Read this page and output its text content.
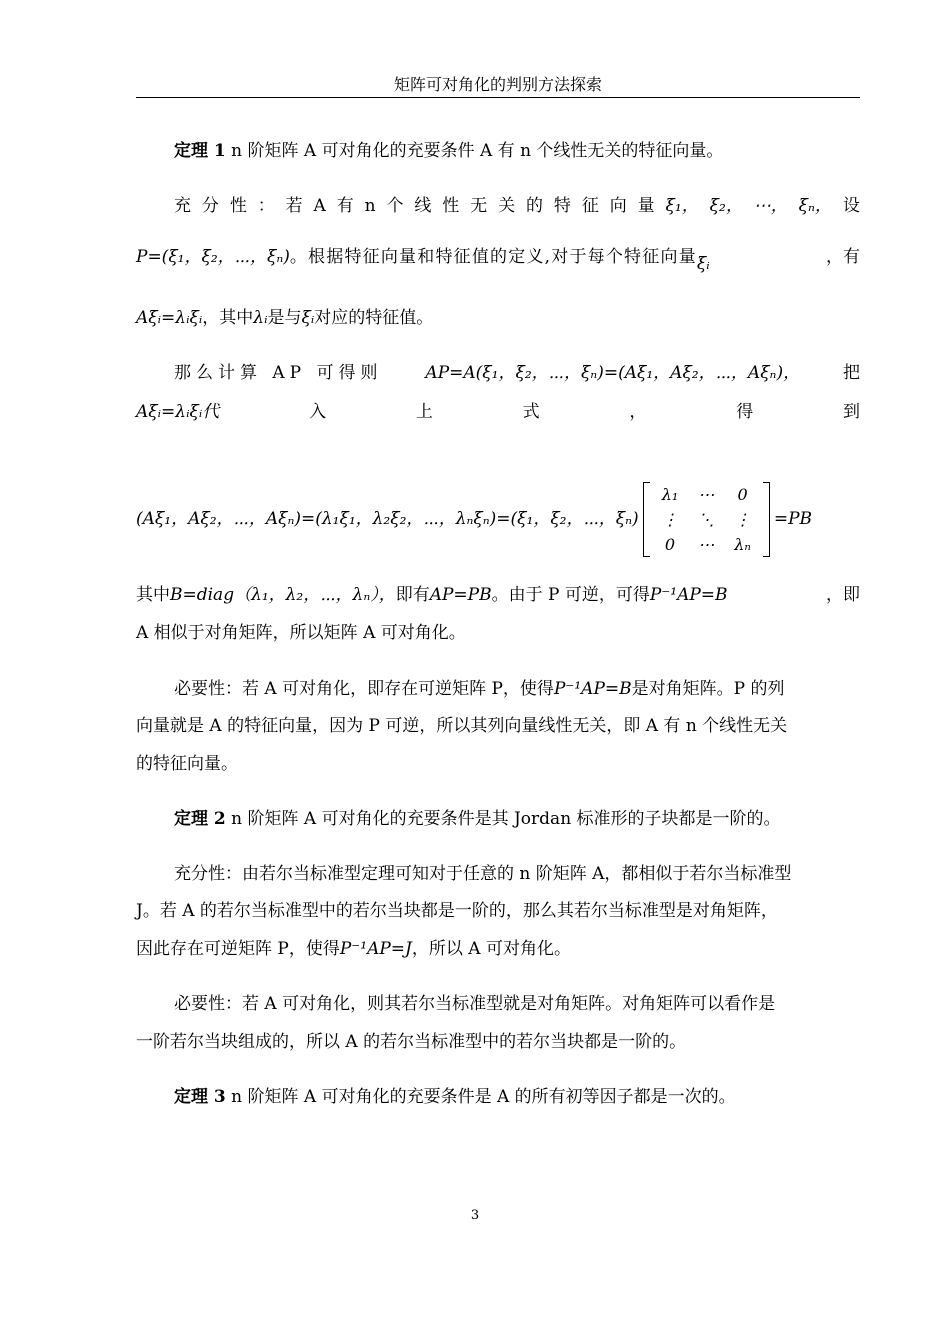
矩阵可对角化的判别方法探索
定理 1 n 阶矩阵 A 可对角化的充要条件 A 有 n 个线性无关的特征向量。
充 分 性 ： 若 A 有 n 个 线 性 无 关 的 特 征 向 量 ξ₁， ξ₂， ⋯， ξₙ， 设
P=(ξ₁，ξ₂，⋯，ξₙ)。根据特征向量和特征值的定义,对于每个特征向量ξᵢ	，有
Aξᵢ=λᵢξᵢ，其中λᵢ是与ξᵢ对应的特征值。
那么计算 AP 可得则	AP=A(ξ₁，ξ₂，⋯，ξₙ)=(Aξ₁，Aξ₂，⋯，Aξₙ)，	把
Aξᵢ=λᵢξᵢ代	入	上	式	，	得	到
(Aξ₁，Aξ₂，⋯，Aξₙ)=(λ₁ξ₁，λ₂ξ₂，⋯，λₙξₙ)=(ξ₁，ξ₂，⋯，ξₙ)
λ₁	⋯	0
⋮	⋱	⋮
0	⋯	λₙ
=PB
其中B=diag（λ₁，λ₂，⋯，λₙ），即有AP=PB。由于 P 可逆，可得P⁻¹AP=B	，即
A 相似于对角矩阵，所以矩阵 A 可对角化。
必要性：若 A 可对角化，即存在可逆矩阵 P，使得P⁻¹AP=B是对角矩阵。P 的列
向量就是 A 的特征向量，因为 P 可逆，所以其列向量线性无关，即 A 有 n 个线性无关
的特征向量。
定理 2 n 阶矩阵 A 可对角化的充要条件是其 Jordan 标准形的子块都是一阶的。
充分性：由若尔当标准型定理可知对于任意的 n 阶矩阵 A，都相似于若尔当标准型
J。若 A 的若尔当标准型中的若尔当块都是一阶的，那么其若尔当标准型是对角矩阵，
因此存在可逆矩阵 P，使得P⁻¹AP=J，所以 A 可对角化。
必要性：若 A 可对角化，则其若尔当标准型就是对角矩阵。对角矩阵可以看作是
一阶若尔当块组成的，所以 A 的若尔当标准型中的若尔当块都是一阶的。
定理 3 n 阶矩阵 A 可对角化的充要条件是 A 的所有初等因子都是一次的。
3
